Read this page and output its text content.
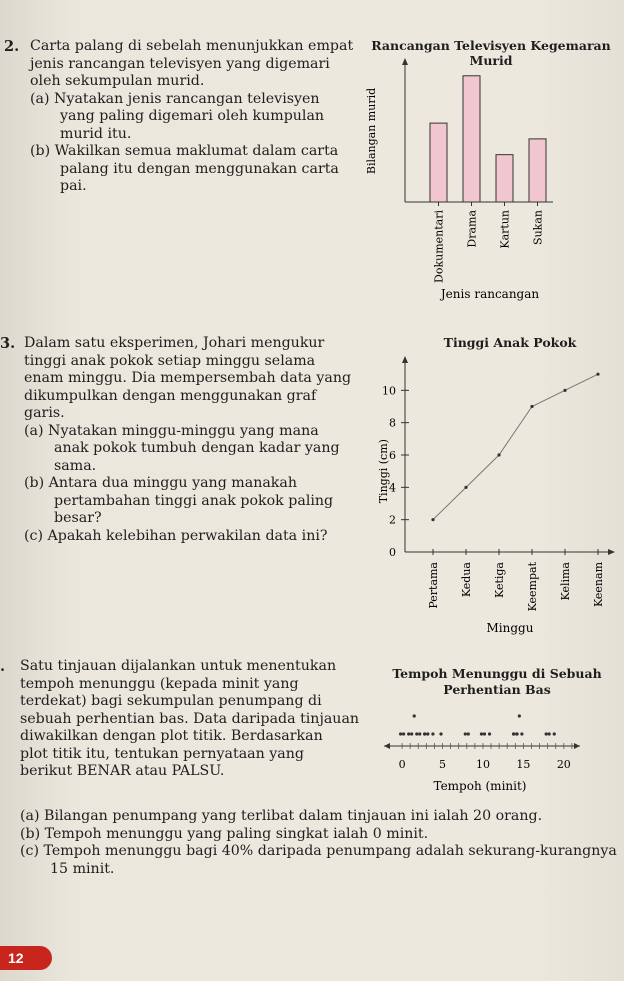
2. Carta palang di sebelah menunjukkan empat
jenis rancangan televisyen yang digemari
oleh sekumpulan murid.
(a) Nyatakan jenis rancangan televisyen
yang paling digemari oleh kumpulan
murid itu.
(b) Wakilkan semua maklumat dalam carta
palang itu dengan menggunakan carta
pai.
Rancangan Televisyen Kegemaran Murid
Bilangan murid
Dokumentari Drama Kartun Sukan
Jenis rancangan
3. Dalam satu eksperimen, Johari mengukur
tinggi anak pokok setiap minggu selama
enam minggu. Dia mempersembah data yang
dikumpulkan dengan menggunakan graf
garis.
(a) Nyatakan minggu-minggu yang mana
anak pokok tumbuh dengan kadar yang
sama.
(b) Antara dua minggu yang manakah
pertambahan tinggi anak pokok paling
besar?
(c) Apakah kelebihan perwakilan data ini?
Tinggi Anak Pokok
0
2
4
6
8
10
Tinggi (cm)
Pertama Kedua Ketiga Keempat Kelima Keenam
Minggu
. Satu tinjauan dijalankan untuk menentukan
tempoh menunggu (kepada minit yang
terdekat) bagi sekumpulan penumpang di
sebuah perhentian bas. Data daripada tinjauan
diwakilkan dengan plot titik. Berdasarkan
plot titik itu, tentukan pernyataan yang
berikut BENAR atau PALSU.
Tempoh Menunggu di Sebuah Perhentian Bas
0	5	10 15 20
Tempoh (minit)
(a) Bilangan penumpang yang terlibat dalam tinjauan ini ialah 20 orang.
(b) Tempoh menunggu yang paling singkat ialah 0 minit.
(c) Tempoh menunggu bagi 40% daripada penumpang adalah sekurang-kurangnya
15 minit.
12
